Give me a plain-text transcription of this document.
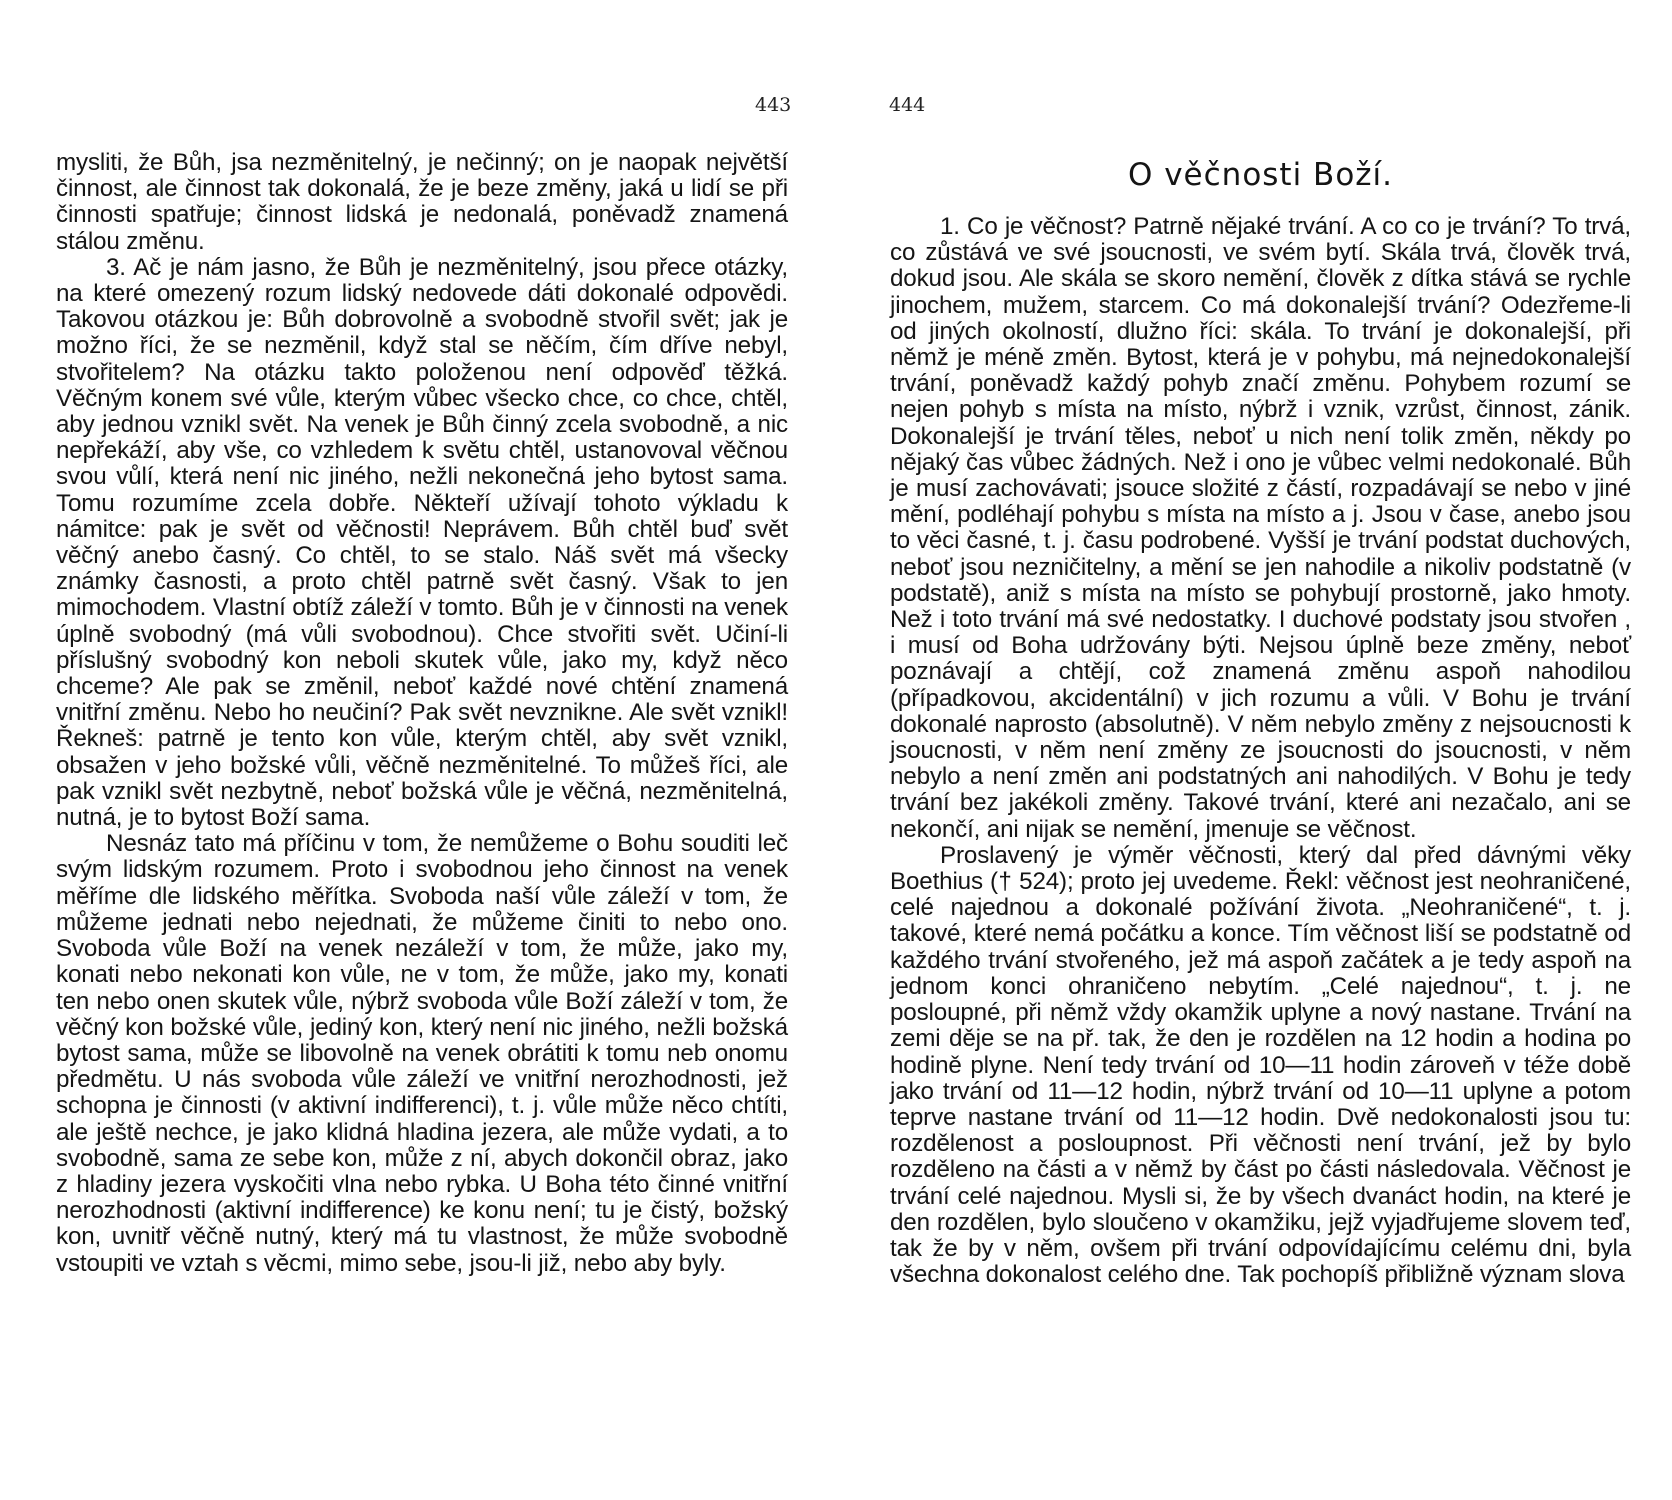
443	444

mysliti, že Bůh, jsa nezměnitelný, je nečinný; on je naopak největší činnost, ale činnost tak dokonalá, že je beze změny, jaká u lidí se při činnosti spatřuje; činnost lidská je nedonalá, poněvadž znamená stálou změnu.

3. Ač je nám jasno, že Bůh je nezměnitelný, jsou přece otázky, na které omezený rozum lidský nedovede dáti dokonalé odpovědi. Takovou otázkou je: Bůh dobrovolně a svobodně stvořil svět; jak je možno říci, že se nezměnil, když stal se něčím, čím dříve nebyl, stvořitelem? Na otázku takto položenou není odpověď těžká. Věčným konem své vůle, kterým vůbec všecko chce, co chce, chtěl, aby jednou vznikl svět. Na venek je Bůh činný zcela svobodně, a nic nepřekáží, aby vše, co vzhledem k světu chtěl, ustanovoval věčnou svou vůlí, která není nic jiného, nežli nekonečná jeho bytost sama. Tomu rozumíme zcela dobře. Někteří užívají tohoto výkladu k námitce: pak je svět od věčnosti! Neprávem. Bůh chtěl buď svět věčný anebo časný. Co chtěl, to se stalo. Náš svět má všecky známky časnosti, a proto chtěl patrně svět časný. Však to jen mimochodem. Vlastní obtíž záleží v tomto. Bůh je v činnosti na venek úplně svobodný (má vůli svobodnou). Chce stvořiti svět. Učiní-li příslušný svobodný kon neboli skutek vůle, jako my, když něco chceme? Ale pak se změnil, neboť každé nové chtění znamená vnitřní změnu. Nebo ho neučiní? Pak svět nevznikne. Ale svět vznikl! Řekneš: patrně je tento kon vůle, kterým chtěl, aby svět vznikl, obsažen v jeho božské vůli, věčně nezměnitelné. To můžeš říci, ale pak vznikl svět nezbytně, neboť božská vůle je věčná, nezměnitelná, nutná, je to bytost Boží sama.

Nesnáz tato má příčinu v tom, že nemůžeme o Bohu souditi leč svým lidským rozumem. Proto i svobodnou jeho činnost na venek měříme dle lidského měřítka. Svoboda naší vůle záleží v tom, že můžeme jednati nebo nejednati, že můžeme činiti to nebo ono. Svoboda vůle Boží na venek nezáleží v tom, že může, jako my, konati nebo nekonati kon vůle, ne v tom, že může, jako my, konati ten nebo onen skutek vůle, nýbrž svoboda vůle Boží záleží v tom, že věčný kon božské vůle, jediný kon, který není nic jiného, nežli božská bytost sama, může se libovolně na venek obrátiti k tomu neb onomu předmětu. U nás svoboda vůle záleží ve vnitřní nerozhodnosti, jež schopna je činnosti (v aktivní indifferenci), t. j. vůle může něco chtíti, ale ještě nechce, je jako klidná hladina jezera, ale může vydati, a to svobodně, sama ze sebe kon, může z ní, abych dokončil obraz, jako z hladiny jezera vyskočiti vlna nebo rybka. U Boha této činné vnitřní nerozhodnosti (aktivní indifference) ke konu není; tu je čistý, božský kon, uvnitř věčně nutný, který má tu vlastnost, že může svobodně vstoupiti ve vztah s věcmi, mimo sebe, jsou-li již, nebo aby byly.

O věčnosti Boží.

1. Co je věčnost? Patrně nějaké trvání. A co co je trvání? To trvá, co zůstává ve své jsoucnosti, ve svém bytí. Skála trvá, člověk trvá, dokud jsou. Ale skála se skoro nemění, člověk z dítka stává se rychle jinochem, mužem, starcem. Co má dokonalejší trvání? Odezřeme-li od jiných okolností, dlužno říci: skála. To trvání je dokonalejší, při němž je méně změn. Bytost, která je v pohybu, má nejnedokonalejší trvání, poněvadž každý pohyb značí změnu. Pohybem rozumí se nejen pohyb s místa na místo, nýbrž i vznik, vzrůst, činnost, zánik. Dokonalejší je trvání těles, neboť u nich není tolik změn, někdy po nějaký čas vůbec žádných. Než i ono je vůbec velmi nedokonalé. Bůh je musí zachovávati; jsouce složité z částí, rozpadávají se nebo v jiné mění, podléhají pohybu s místa na místo a j. Jsou v čase, anebo jsou to věci časné, t. j. času podrobené. Vyšší je trvání podstat duchových, neboť jsou nezničitelny, a mění se jen nahodile a nikoliv podstatně (v podstatě), aniž s místa na místo se pohybují prostorně, jako hmoty. Než i toto trvání má své nedostatky. I duchové podstaty jsou stvořen , i musí od Boha udržovány býti. Nejsou úplně beze změny, neboť poznávají a chtějí, což znamená změnu aspoň nahodilou (případkovou, akcidentální) v jich rozumu a vůli. V Bohu je trvání dokonalé naprosto (absolutně). V něm nebylo změny z nejsoucnosti k jsoucnosti, v něm není změny ze jsoucnosti do jsoucnosti, v něm nebylo a není změn ani podstatných ani nahodilých. V Bohu je tedy trvání bez jakékoli změny. Takové trvání, které ani nezačalo, ani se nekončí, ani nijak se nemění, jmenuje se věčnost.

Proslavený je výměr věčnosti, který dal před dávnými věky Boethius († 524); proto jej uvedeme. Řekl: věčnost jest neohraničené, celé najednou a dokonalé požívání života. „Neohraničené“, t. j. takové, které nemá počátku a konce. Tím věčnost liší se podstatně od každého trvání stvořeného, jež má aspoň začátek a je tedy aspoň na jednom konci ohraničeno nebytím. „Celé najednou“, t. j. ne posloupné, při němž vždy okamžik uplyne a nový nastane. Trvání na zemi děje se na př. tak, že den je rozdělen na 12 hodin a hodina po hodině plyne. Není tedy trvání od 10—11 hodin zároveň v téže době jako trvání od 11—12 hodin, nýbrž trvání od 10—11 uplyne a potom teprve nastane trvání od 11—12 hodin. Dvě nedokonalosti jsou tu: rozdělenost a posloupnost. Při věčnosti není trvání, jež by bylo rozděleno na části a v němž by část po části následovala. Věčnost je trvání celé najednou. Mysli si, že by všech dvanáct hodin, na které je den rozdělen, bylo sloučeno v okamžiku, jejž vyjadřujeme slovem teď, tak že by v něm, ovšem při trvání odpovídajícímu celému dni, byla všechna dokonalost celého dne. Tak pochopíš přibližně význam slova
